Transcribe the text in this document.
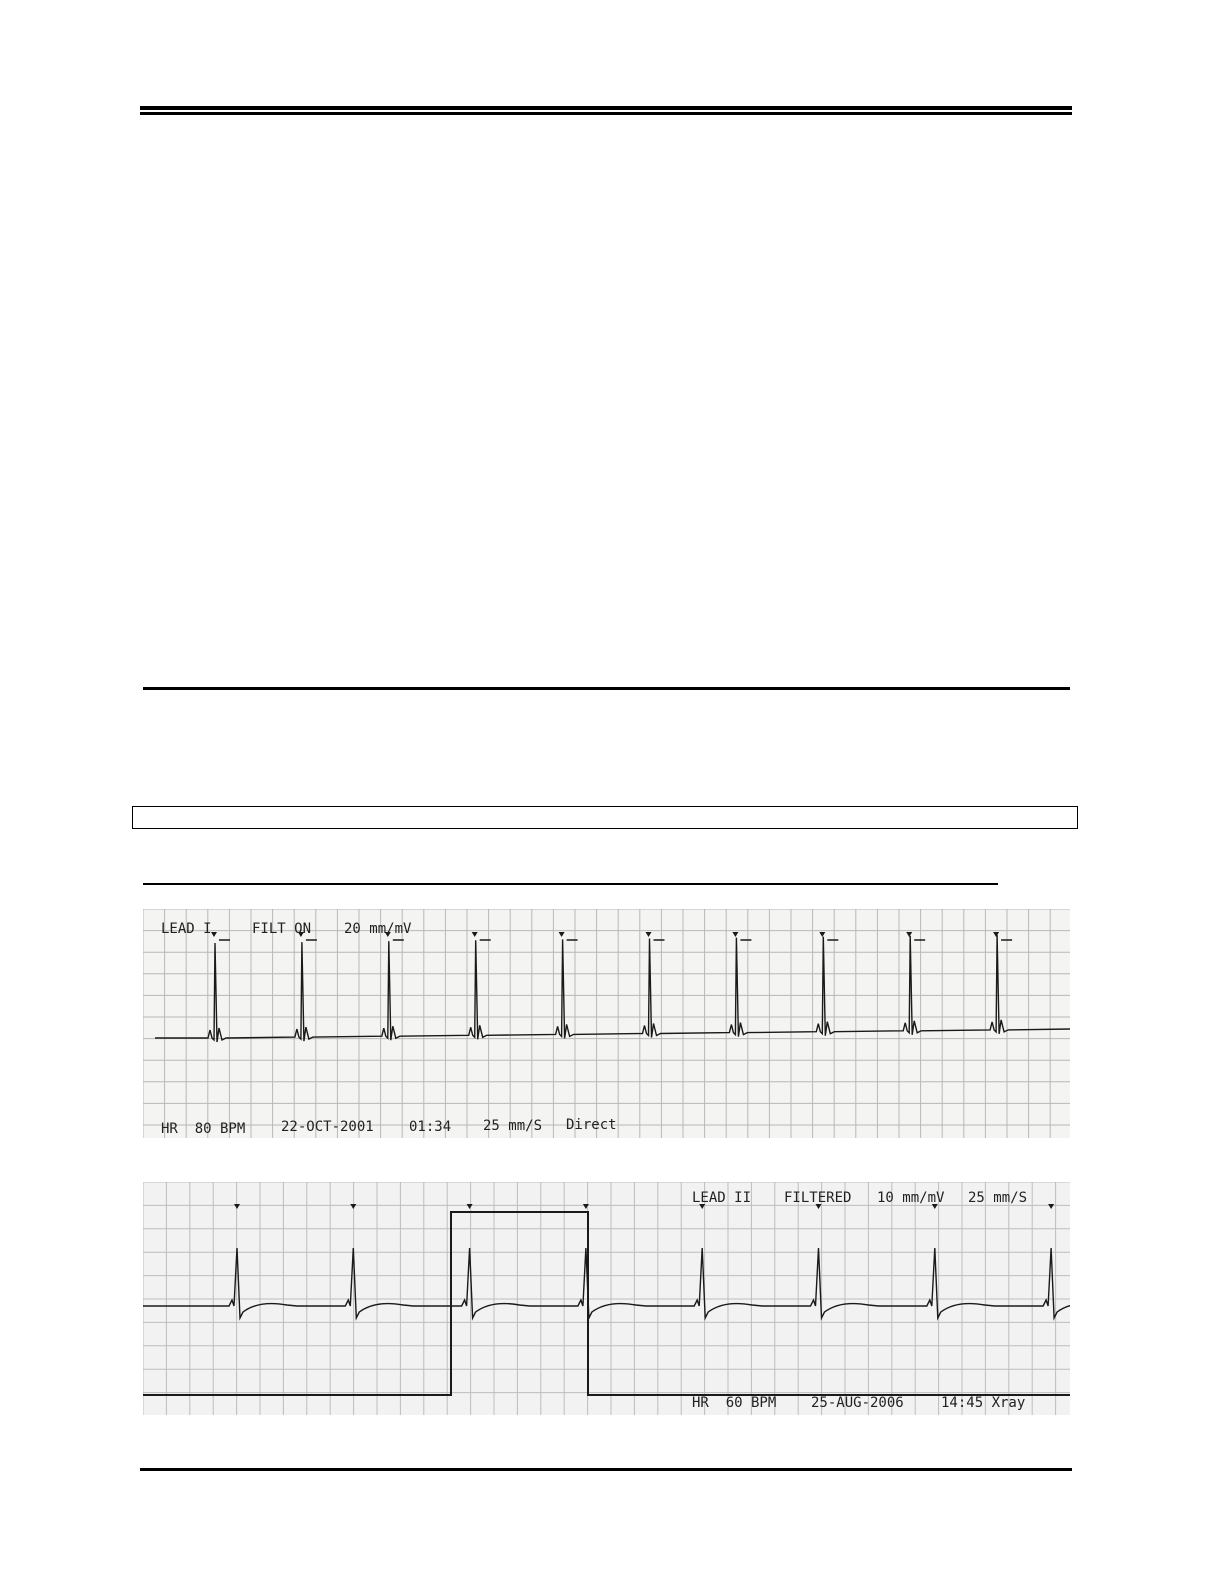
LEAD I	FILT ON 20 mm/mV
HR  80 BPM	22-OCT-2001	01:34 25 mm/S Direct
LEAD II FILTERED 10 mm/mV 25 mm/S
HR  60 BPM 25-AUG-2006	14:45 Xray
